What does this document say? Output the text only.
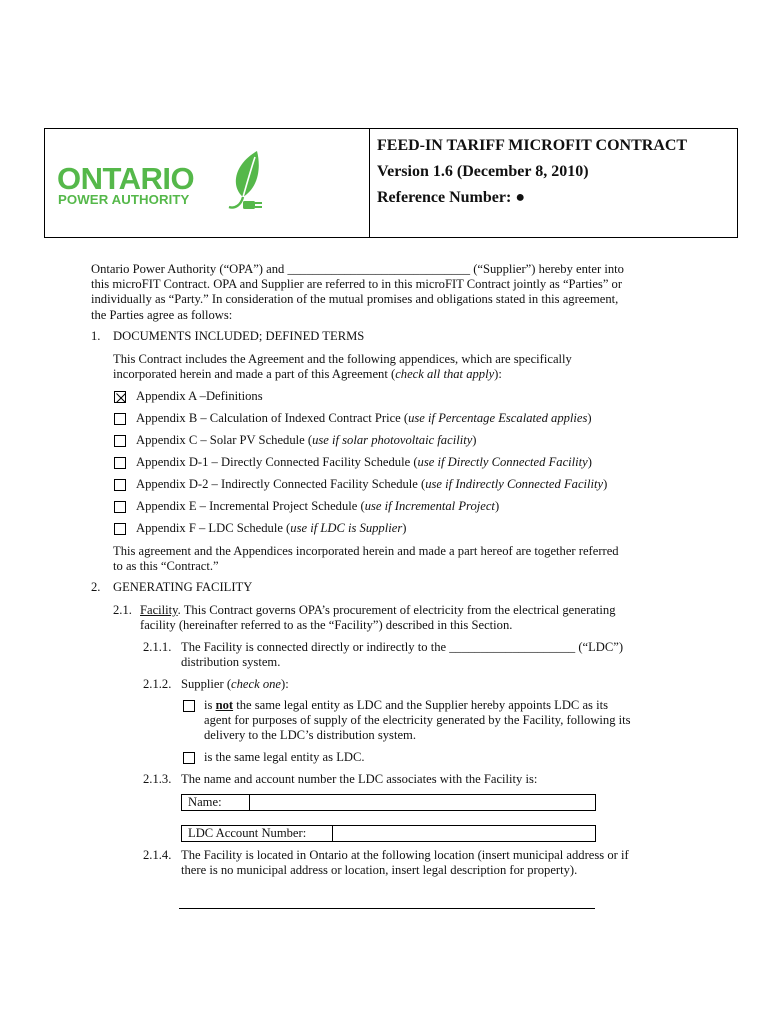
ONTARIO
POWER AUTHORITY
FEED-IN TARIFF MICROFIT CONTRACT
Version 1.6 (December 8, 2010)
Reference Number: ●
Ontario Power Authority (“OPA”) and _____________________________ (“Supplier”) hereby enter into
this microFIT Contract. OPA and Supplier are referred to in this microFIT Contract jointly as “Parties” or
individually as “Party.” In consideration of the mutual promises and obligations stated in this agreement,
the Parties agree as follows:
1. DOCUMENTS INCLUDED; DEFINED TERMS
This Contract includes the Agreement and the following appendices, which are specifically
incorporated herein and made a part of this Agreement (check all that apply):
Appendix A –Definitions
Appendix B – Calculation of Indexed Contract Price (use if Percentage Escalated applies)
Appendix C – Solar PV Schedule (use if solar photovoltaic facility)
Appendix D-1 – Directly Connected Facility Schedule (use if Directly Connected Facility)
Appendix D-2 – Indirectly Connected Facility Schedule (use if Indirectly Connected Facility)
Appendix E – Incremental Project Schedule (use if Incremental Project)
Appendix F – LDC Schedule (use if LDC is Supplier)
This agreement and the Appendices incorporated herein and made a part hereof are together referred
to as this “Contract.”
2. GENERATING FACILITY
2.1. Facility. This Contract governs OPA’s procurement of electricity from the electrical generating
facility (hereinafter referred to as the “Facility”) described in this Section.
2.1.1. The Facility is connected directly or indirectly to the ____________________ (“LDC”)
distribution system.
2.1.2. Supplier (check one):
is not the same legal entity as LDC and the Supplier hereby appoints LDC as its
agent for purposes of supply of the electricity generated by the Facility, following its
delivery to the LDC’s distribution system.
is the same legal entity as LDC.
2.1.3. The name and account number the LDC associates with the Facility is:
Name:
LDC Account Number:
2.1.4. The Facility is located in Ontario at the following location (insert municipal address or if
there is no municipal address or location, insert legal description for property).
